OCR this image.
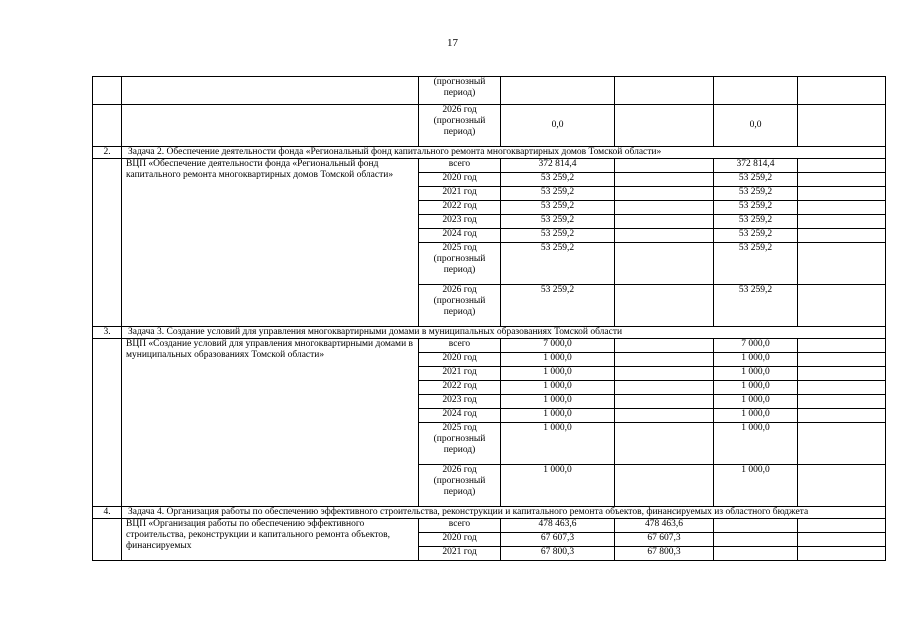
17
		(прогнозный период)				
		2026 год (прогнозный период)	0,0		0,0	
2.	Задача 2. Обеспечение деятельности фонда «Региональный фонд капитального ремонта многоквартирных домов Томской области»					
	ВЦП «Обеспечение деятельности фонда «Региональный фонд капитального ремонта многоквартирных домов Томской области»	всего	372 814,4		372 814,4	
		2020 год	53 259,2		53 259,2	
		2021 год	53 259,2		53 259,2	
		2022 год	53 259,2		53 259,2	
		2023 год	53 259,2		53 259,2	
		2024 год	53 259,2		53 259,2	
		2025 год (прогнозный период)	53 259,2		53 259,2	
		2026 год (прогнозный период)	53 259,2		53 259,2	
3.	Задача 3. Создание условий для управления многоквартирными домами в муниципальных образованиях Томской области					
	ВЦП «Создание условий для управления многоквартирными домами в муниципальных образованиях Томской области»	всего	7 000,0		7 000,0	
		2020 год	1 000,0		1 000,0	
		2021 год	1 000,0		1 000,0	
		2022 год	1 000,0		1 000,0	
		2023 год	1 000,0		1 000,0	
		2024 год	1 000,0		1 000,0	
		2025 год (прогнозный период)	1 000,0		1 000,0	
		2026 год (прогнозный период)	1 000,0		1 000,0	
4.	Задача 4. Организация работы по обеспечению эффективного строительства, реконструкции и капитального ремонта объектов, финансируемых из областного бюджета					
	ВЦП «Организация работы по обеспечению эффективного строительства, реконструкции и капитального ремонта объектов, финансируемых	всего	478 463,6	478 463,6		
		2020 год	67 607,3	67 607,3		
		2021 год	67 800,3	67 800,3		
